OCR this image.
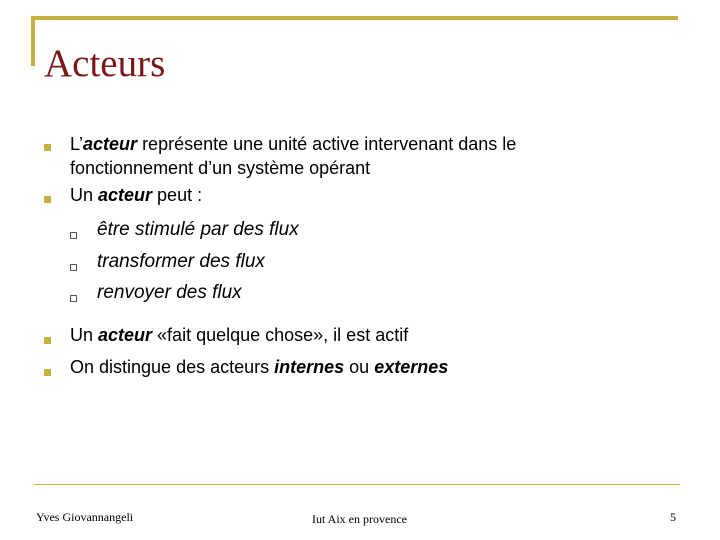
Acteurs
L’acteur représente une unité active intervenant dans le
fonctionnement d’un système opérant
Un acteur peut :
être stimulé par des flux
transformer des flux
renvoyer des flux
Un acteur «fait quelque chose», il est actif
On distingue des acteurs internes ou externes
Yves Giovannangeli	Iut Aix en provence	5
